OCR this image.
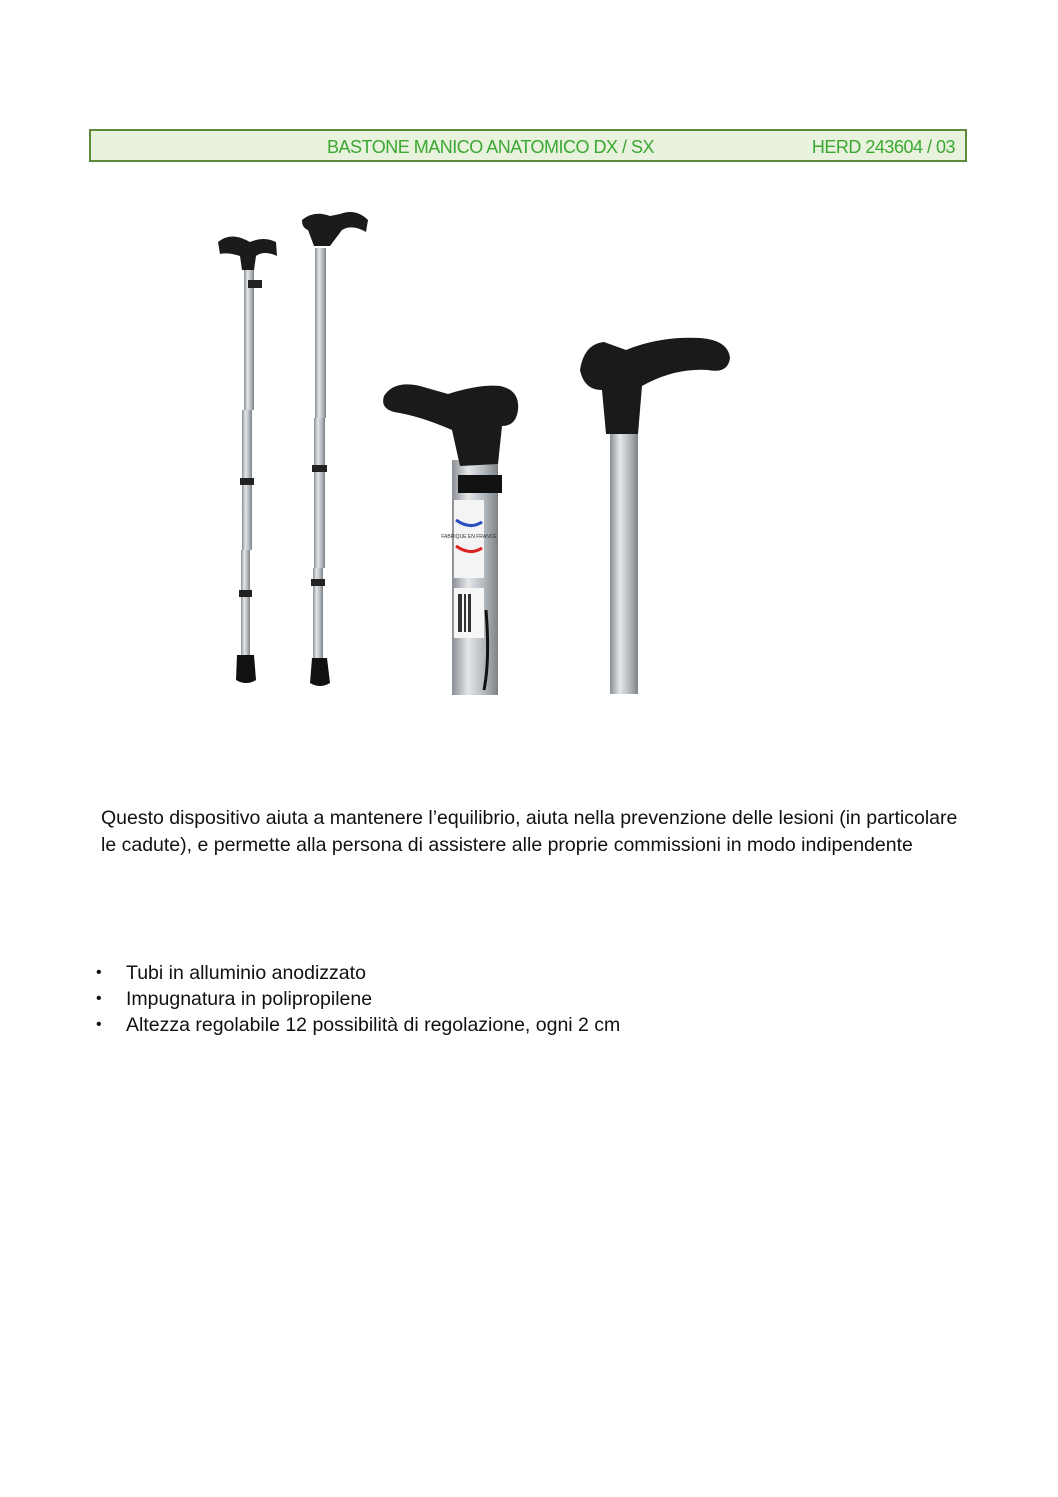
BASTONE MANICO ANATOMICO DX / SX	HERD 243604 / 03
FABRIQUE EN FRANCE

Questo dispositivo aiuta a mantenere l’equilibrio, aiuta nella prevenzione delle lesioni (in particolare le cadute), e permette alla persona di assistere alle proprie commissioni in modo indipendente

• Tubi in alluminio anodizzato
• Impugnatura in polipropilene
• Altezza regolabile 12 possibilità di regolazione, ogni 2 cm
